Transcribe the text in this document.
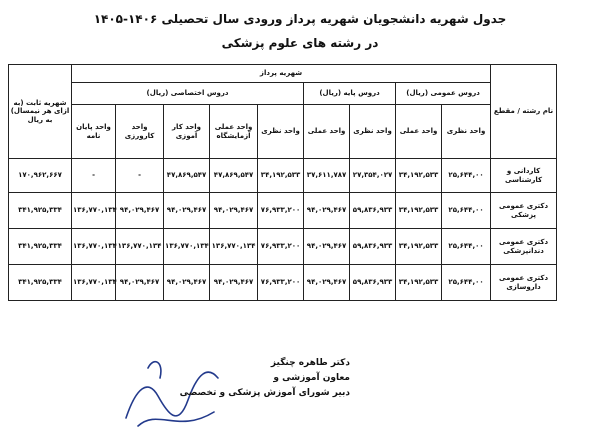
جدول شهریه دانشجویان شهریه پرداز ورودی سال تحصیلی ۱۴۰۶-۱۴۰۵
در رشته های علوم پزشکی
نام رشته / مقطع	شهریه پرداز									شهریه ثابت (به ازای هر نیمسال) به ریال
	دروس عمومی (ریال)		دروس پایه (ریال)		دروس اختصاصی (ریال)					
	واحد نظری	واحد عملی	واحد نظری	واحد عملی	واحد نظری	واحد عملی آزمایشگاه	واحد کار آموزی	واحد کارورزی	واحد پایان نامه	
کاردانی و کارشناسی	۲۵,۶۴۴,۰۰	۳۴,۱۹۲,۵۳۳	۲۷,۳۵۴,۰۲۷	۳۷,۶۱۱,۷۸۷	۳۴,۱۹۲,۵۳۳	۴۷,۸۶۹,۵۴۷	۴۷,۸۶۹,۵۴۷	-	-	۱۷۰,۹۶۲,۶۶۷
دکتری عمومی پزشکی	۲۵,۶۴۴,۰۰	۳۴,۱۹۲,۵۳۳	۵۹,۸۳۶,۹۳۳	۹۴,۰۲۹,۴۶۷	۷۶,۹۳۳,۲۰۰	۹۴,۰۲۹,۴۶۷	۹۴,۰۲۹,۴۶۷	۹۴,۰۲۹,۴۶۷	۱۳۶,۷۷۰,۱۳۴	۳۴۱,۹۲۵,۳۳۴
دکتری عمومی دندانپزشکی	۲۵,۶۴۴,۰۰	۳۴,۱۹۲,۵۳۳	۵۹,۸۳۶,۹۳۳	۹۴,۰۲۹,۴۶۷	۷۶,۹۳۳,۲۰۰	۱۳۶,۷۷۰,۱۳۴	۱۳۶,۷۷۰,۱۳۴	۱۳۶,۷۷۰,۱۳۴	۱۳۶,۷۷۰,۱۳۴	۳۴۱,۹۲۵,۳۳۴
دکتری عمومی داروسازی	۲۵,۶۴۴,۰۰	۳۴,۱۹۲,۵۳۳	۵۹,۸۳۶,۹۳۳	۹۴,۰۲۹,۴۶۷	۷۶,۹۳۳,۲۰۰	۹۴,۰۲۹,۴۶۷	۹۴,۰۲۹,۴۶۷	۹۴,۰۲۹,۴۶۷	۱۳۶,۷۷۰,۱۳۴	۳۴۱,۹۲۵,۳۳۴
دکتر طاهره چنگیز
معاون آموزشی و
دبیر شورای آموزش پزشکی و تخصصی
